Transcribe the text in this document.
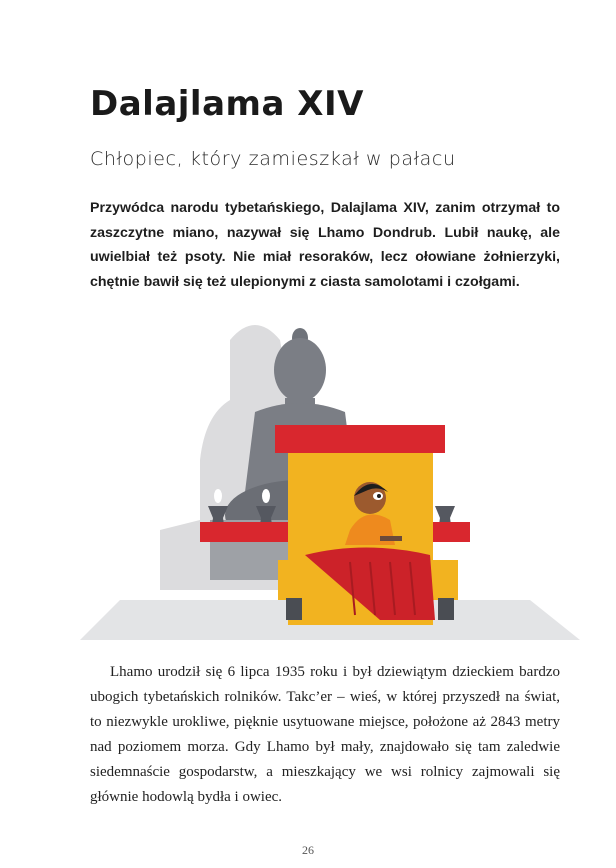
Dalajlama XIV
Chłopiec, który zamieszkał w pałacu

Przywódca narodu tybetańskiego, Dalajlama XIV, zanim otrzymał to zaszczytne miano, nazywał się Lhamo Dondrub. Lubił naukę, ale uwielbiał też psoty. Nie miał resoraków, lecz ołowiane żołnierzyki, chętnie bawił się też ulepionymi z ciasta samolotami i czołgami.

Lhamo urodził się 6 lipca 1935 roku i był dziewiątym dzieckiem bardzo ubogich tybetańskich rolników. Takc’er – wieś, w której przyszedł na świat, to niezwykle urokliwe, pięknie usytuowane miejsce, położone aż 2843 metry nad poziomem morza. Gdy Lhamo był mały, znajdowało się tam zaledwie siedemnaście gospodarstw, a mieszkający we wsi rolnicy zajmowali się głównie hodowlą bydła i owiec.

26
